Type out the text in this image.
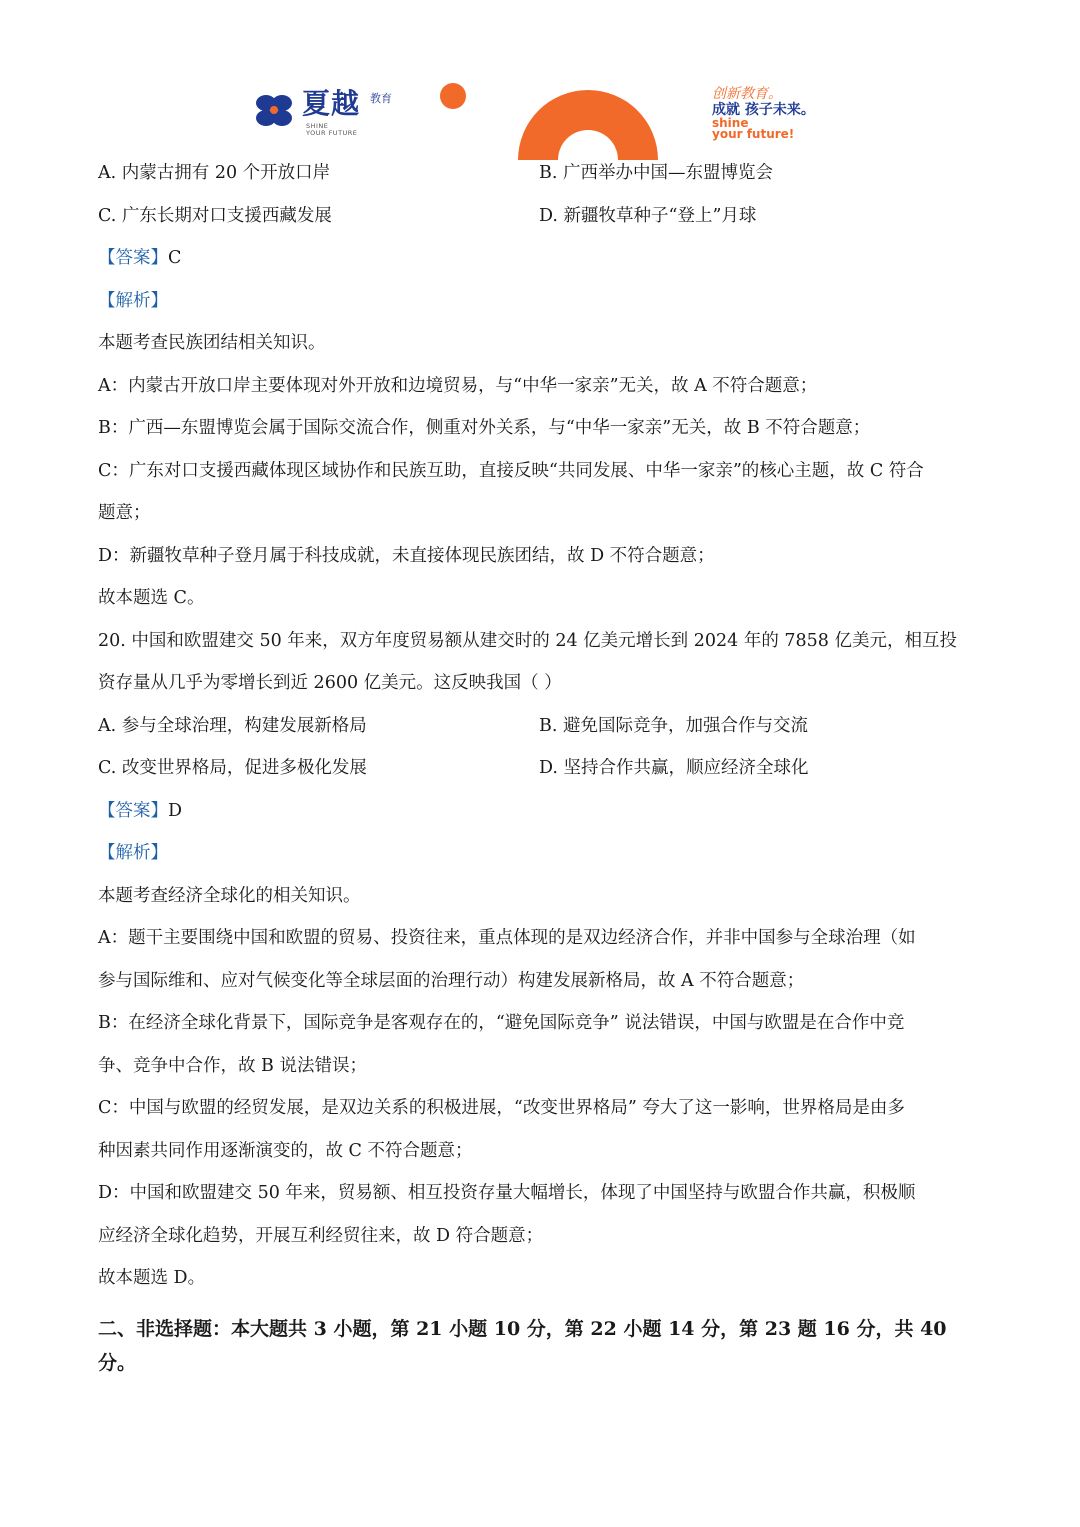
夏越 教育
SHINE
YOUR FUTURE
创新教育。
成就 孩子未来。
shine
your future!
A. 内蒙古拥有 20 个开放口岸	B. 广西举办中国—东盟博览会
C. 广东长期对口支援西藏发展	D. 新疆牧草种子“登上”月球
【答案】C
【解析】
本题考查民族团结相关知识。
A：内蒙古开放口岸主要体现对外开放和边境贸易，与“中华一家亲”无关，故 A 不符合题意；
B：广西—东盟博览会属于国际交流合作，侧重对外关系，与“中华一家亲”无关，故 B 不符合题意；
C：广东对口支援西藏体现区域协作和民族互助，直接反映“共同发展、中华一家亲”的核心主题，故 C 符合
题意；
D：新疆牧草种子登月属于科技成就，未直接体现民族团结，故 D 不符合题意；
故本题选 C。
20. 中国和欧盟建交 50 年来，双方年度贸易额从建交时的 24 亿美元增长到 2024 年的 7858 亿美元，相互投
资存量从几乎为零增长到近 2600 亿美元。这反映我国（ ）
A. 参与全球治理，构建发展新格局	B. 避免国际竞争，加强合作与交流
C. 改变世界格局，促进多极化发展	D. 坚持合作共赢，顺应经济全球化
【答案】D
【解析】
本题考查经济全球化的相关知识。
A：题干主要围绕中国和欧盟的贸易、投资往来，重点体现的是双边经济合作，并非中国参与全球治理（如
参与国际维和、应对气候变化等全球层面的治理行动）构建发展新格局，故 A 不符合题意；
B：在经济全球化背景下，国际竞争是客观存在的，“避免国际竞争” 说法错误，中国与欧盟是在合作中竞
争、竞争中合作，故 B 说法错误；
C：中国与欧盟的经贸发展，是双边关系的积极进展，“改变世界格局” 夸大了这一影响，世界格局是由多
种因素共同作用逐渐演变的，故 C 不符合题意；
D：中国和欧盟建交 50 年来，贸易额、相互投资存量大幅增长，体现了中国坚持与欧盟合作共赢，积极顺
应经济全球化趋势，开展互利经贸往来，故 D 符合题意；
故本题选 D。
二、非选择题：本大题共 3 小题，第 21 小题 10 分，第 22 小题 14 分，第 23 题 16 分，共 40
分。
